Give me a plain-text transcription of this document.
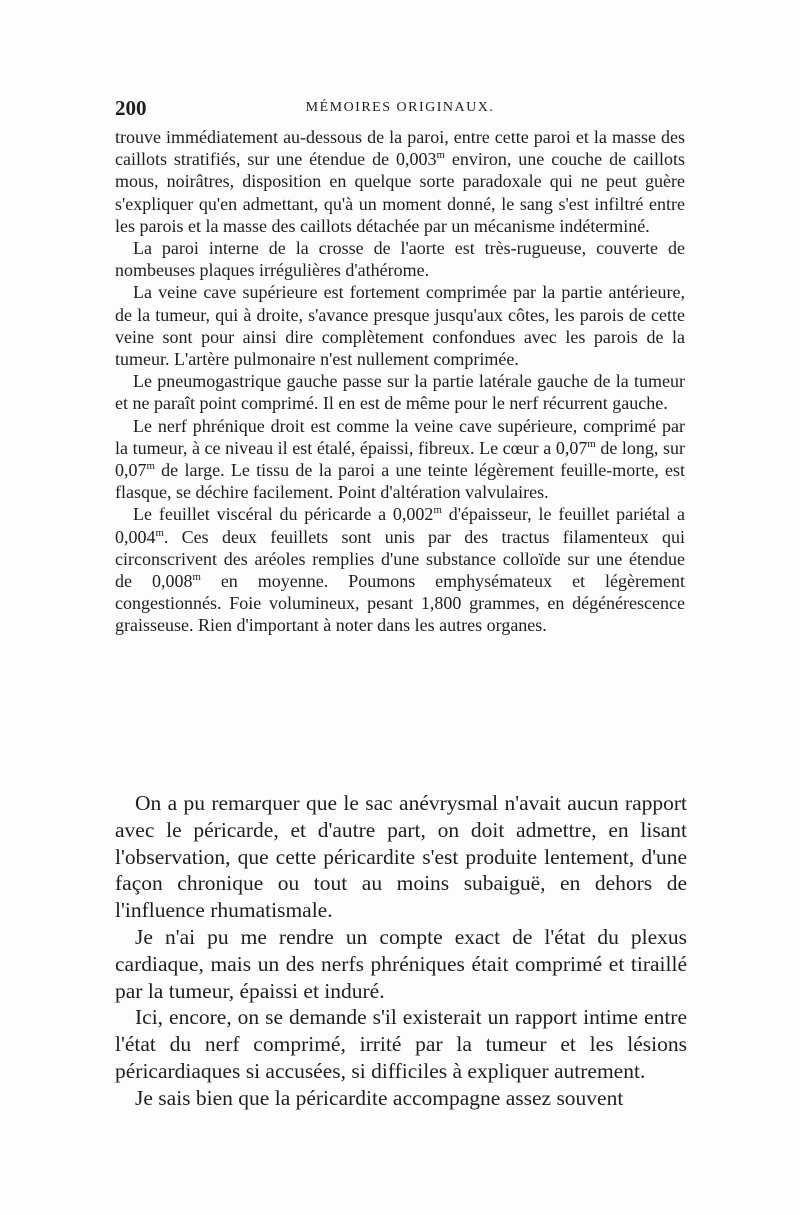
200	MÉMOIRES ORIGINAUX.

trouve immédiatement au-dessous de la paroi, entre cette paroi et la masse des caillots stratifiés, sur une étendue de 0,003$^m$ environ, une couche de caillots mous, noirâtres, disposition en quelque sorte paradoxale qui ne peut guère s'expliquer qu'en admettant, qu'à un moment donné, le sang s'est infiltré entre les parois et la masse des caillots détachée par un mécanisme indéterminé.

La paroi interne de la crosse de l'aorte est très-rugueuse, couverte de nombeuses plaques irrégulières d'athérome.

La veine cave supérieure est fortement comprimée par la partie antérieure, de la tumeur, qui à droite, s'avance presque jusqu'aux côtes, les parois de cette veine sont pour ainsi dire complètement confondues avec les parois de la tumeur. L'artère pulmonaire n'est nullement comprimée.

Le pneumogastrique gauche passe sur la partie latérale gauche de la tumeur et ne paraît point comprimé. Il en est de même pour le nerf récurrent gauche.

Le nerf phrénique droit est comme la veine cave supérieure, comprimé par la tumeur, à ce niveau il est étalé, épaissi, fibreux. Le cœur a 0,07$^m$ de long, sur 0,07$^m$ de large. Le tissu de la paroi a une teinte légèrement feuille-morte, est flasque, se déchire facilement. Point d'altération valvulaires.

Le feuillet viscéral du péricarde a 0,002$^m$ d'épaisseur, le feuillet pariétal a 0,004$^m$. Ces deux feuillets sont unis par des tractus filamenteux qui circonscrivent des aréoles remplies d'une substance colloïde sur une étendue de 0,008$^m$ en moyenne. Poumons emphysémateux et légèrement congestionnés. Foie volumineux, pesant 1,800 grammes, en dégénérescence graisseuse. Rien d'important à noter dans les autres organes.

On a pu remarquer que le sac anévrysmal n'avait aucun rapport avec le péricarde, et d'autre part, on doit admettre, en lisant l'observation, que cette péricardite s'est produite lentement, d'une façon chronique ou tout au moins subaiguë, en dehors de l'influence rhumatismale.

Je n'ai pu me rendre un compte exact de l'état du plexus cardiaque, mais un des nerfs phréniques était comprimé et tiraillé par la tumeur, épaissi et induré.

Ici, encore, on se demande s'il existerait un rapport intime entre l'état du nerf comprimé, irrité par la tumeur et les lésions péricardiaques si accusées, si difficiles à expliquer autrement.

Je sais bien que la péricardite accompagne assez souvent
